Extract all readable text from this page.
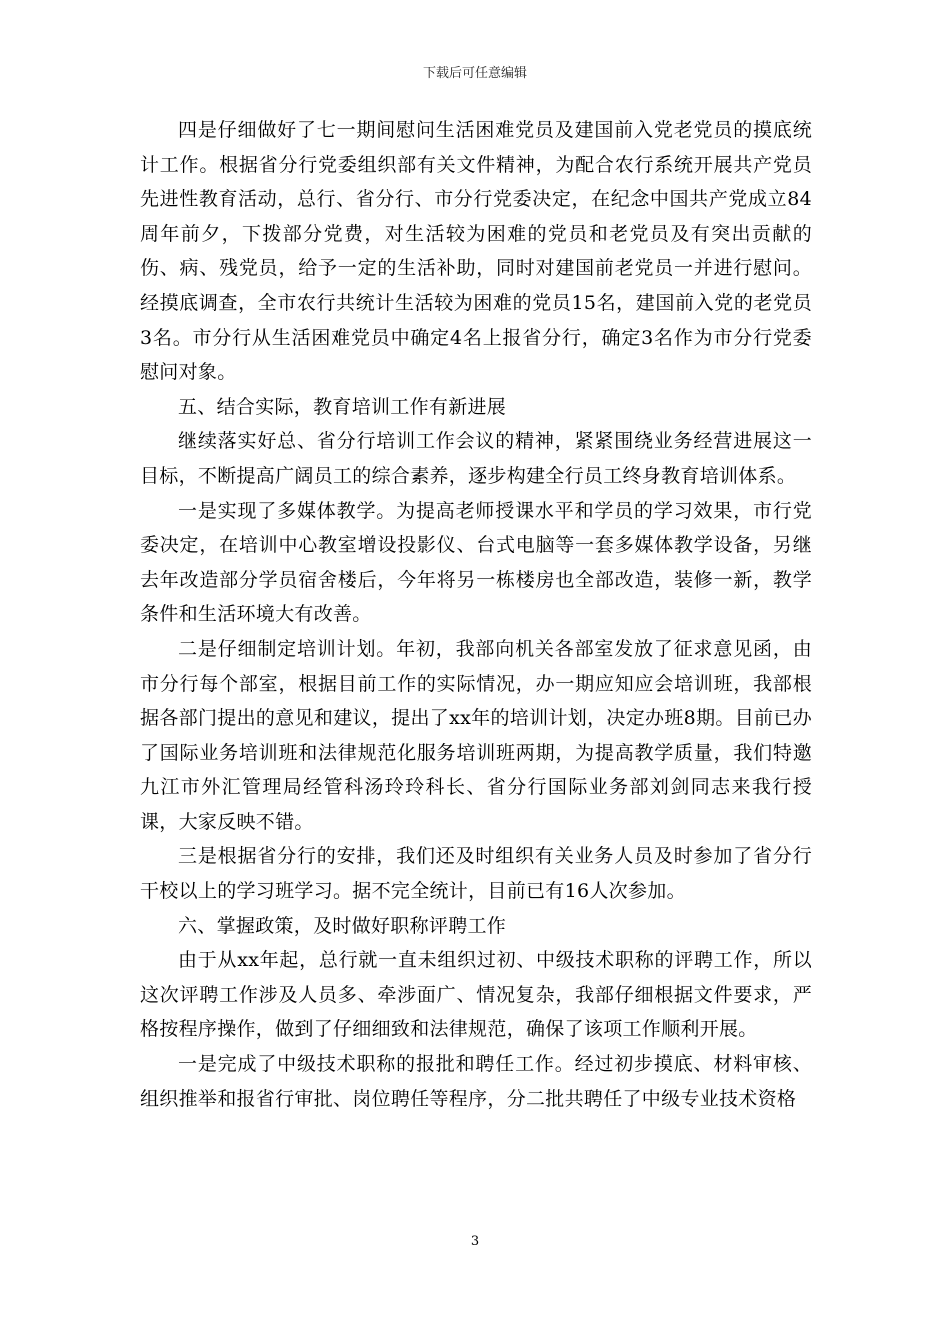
下载后可任意编辑

四是仔细做好了七一期间慰问生活困难党员及建国前入党老党员的摸底统计工作。根据省分行党委组织部有关文件精神，为配合农行系统开展共产党员先进性教育活动，总行、省分行、市分行党委决定，在纪念中国共产党成立84周年前夕，下拨部分党费，对生活较为困难的党员和老党员及有突出贡献的伤、病、残党员，给予一定的生活补助，同时对建国前老党员一并进行慰问。经摸底调查，全市农行共统计生活较为困难的党员15名，建国前入党的老党员3名。市分行从生活困难党员中确定4名上报省分行，确定3名作为市分行党委慰问对象。

五、结合实际，教育培训工作有新进展

继续落实好总、省分行培训工作会议的精神，紧紧围绕业务经营进展这一目标，不断提高广阔员工的综合素养，逐步构建全行员工终身教育培训体系。

一是实现了多媒体教学。为提高老师授课水平和学员的学习效果，市行党委决定，在培训中心教室增设投影仪、台式电脑等一套多媒体教学设备，另继去年改造部分学员宿舍楼后，今年将另一栋楼房也全部改造，装修一新，教学条件和生活环境大有改善。

二是仔细制定培训计划。年初，我部向机关各部室发放了征求意见函，由市分行每个部室，根据目前工作的实际情况，办一期应知应会培训班，我部根据各部门提出的意见和建议，提出了xx年的培训计划，决定办班8期。目前已办了国际业务培训班和法律规范化服务培训班两期，为提高教学质量，我们特邀九江市外汇管理局经管科汤玲玲科长、省分行国际业务部刘剑同志来我行授课，大家反映不错。

三是根据省分行的安排，我们还及时组织有关业务人员及时参加了省分行干校以上的学习班学习。据不完全统计，目前已有16人次参加。

六、掌握政策，及时做好职称评聘工作

由于从xx年起，总行就一直未组织过初、中级技术职称的评聘工作，所以这次评聘工作涉及人员多、牵涉面广、情况复杂，我部仔细根据文件要求，严格按程序操作，做到了仔细细致和法律规范，确保了该项工作顺利开展。

一是完成了中级技术职称的报批和聘任工作。经过初步摸底、材料审核、组织推举和报省行审批、岗位聘任等程序，分二批共聘任了中级专业技术资格

3
